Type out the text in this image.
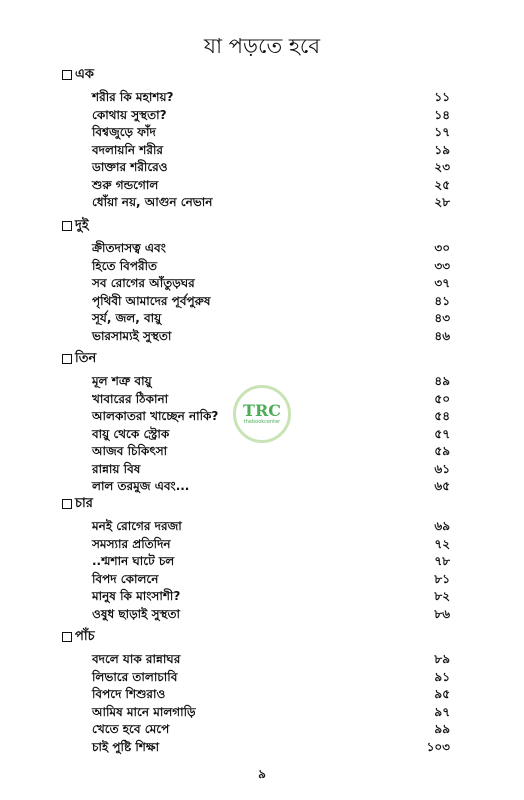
যা পড়তে হবে
এক
শরীর কি মহাশয়?	১১
কোথায় সুস্থতা?	১৪
বিশ্বজুড়ে ফাঁদ	১৭
বদলায়নি শরীর	১৯
ডাক্তার শরীরেও	২৩
শুরু গন্ডগোল	২৫
ধোঁয়া নয়, আগুন নেভান	২৮
দুই
ক্রীতদাসত্ব এবং	৩০
হিতে বিপরীত	৩৩
সব রোগের আঁতুড়ঘর	৩৭
পৃথিবী আমাদের পূর্বপুরুষ	৪১
সূর্য, জল, বায়ু	৪৩
ভারসাম্যই সুস্থতা	৪৬
তিন
মূল শত্রু বায়ু	৪৯
খাবারের ঠিকানা	৫০
আলকাতরা খাচ্ছেন নাকি?	৫৪
বায়ু থেকে স্ট্রোক	৫৭
আজব চিকিৎসা	৫৯
রান্নায় বিষ	৬১
লাল তরমুজ এবং...	৬৫
চার
মনই রোগের দরজা	৬৯
সমস্যার প্রতিদিন	৭২
..শ্মশান ঘাটে চল	৭৮
বিপদ কোলনে	৮১
মানুষ কি মাংসাশী?	৮২
ওষুধ ছাড়াই সুস্থতা	৮৬
পাঁচ
বদলে যাক রান্নাঘর	৮৯
লিভারে তালাচাবি	৯১
বিপদে শিশুরাও	৯৫
আমিষ মানে মালগাড়ি	৯৭
খেতে হবে মেপে	৯৯
চাই পুষ্টি শিক্ষা	১০৩
TRC
thebookcenter
৯
